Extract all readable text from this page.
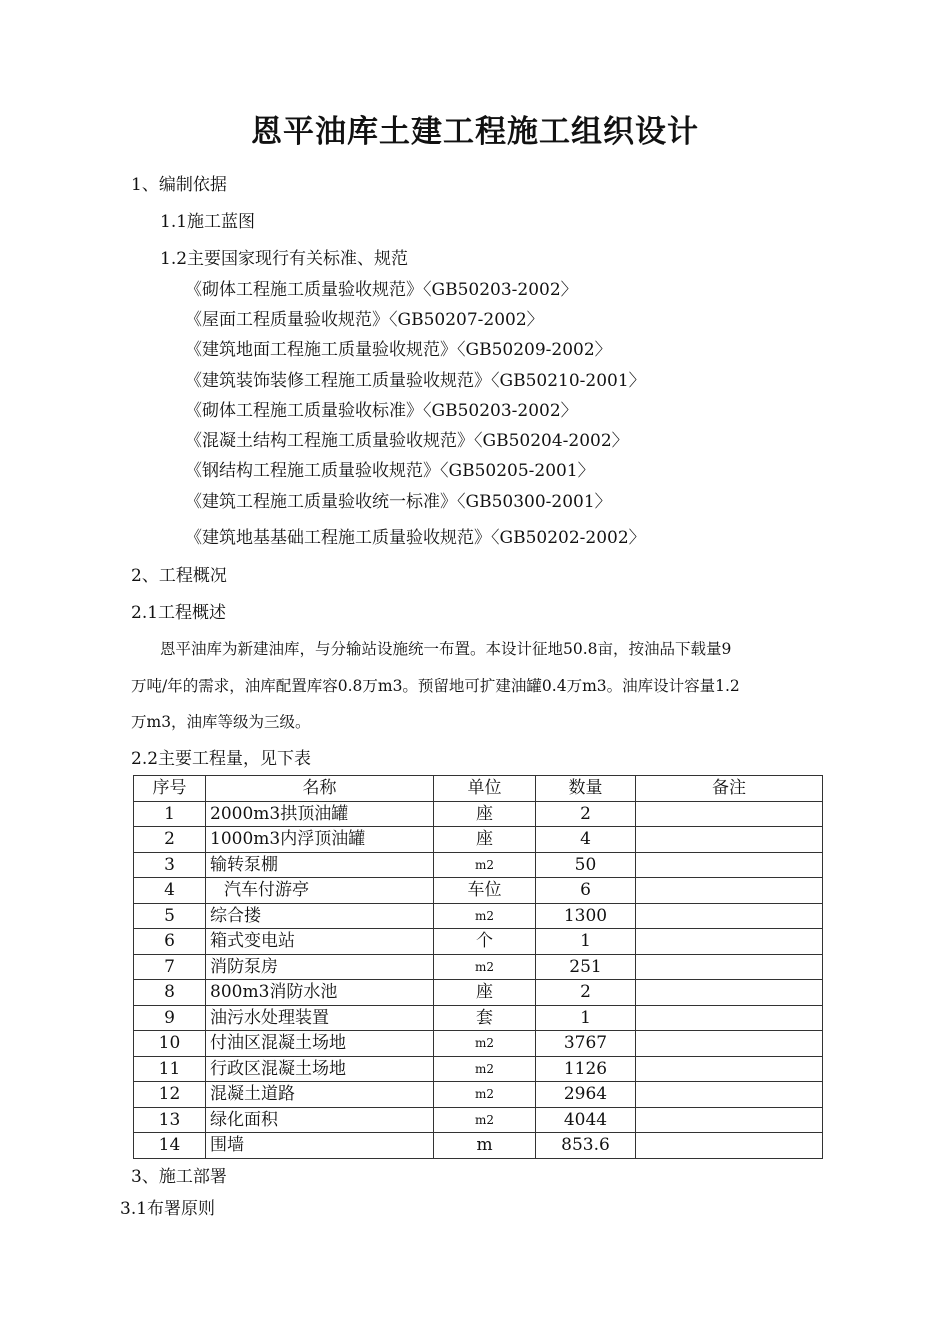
恩平油库土建工程施工组织设计
1、编制依据
1.1施工蓝图
1.2主要国家现行有关标准、规范
《砌体工程施工质量验收规范》〈GB50203-2002〉
《屋面工程质量验收规范》〈GB50207-2002〉
《建筑地面工程施工质量验收规范》〈GB50209-2002〉
《建筑装饰装修工程施工质量验收规范》〈GB50210-2001〉
《砌体工程施工质量验收标准》〈GB50203-2002〉
《混凝土结构工程施工质量验收规范》〈GB50204-2002〉
《钢结构工程施工质量验收规范》〈GB50205-2001〉
《建筑工程施工质量验收统一标准》〈GB50300-2001〉
《建筑地基基础工程施工质量验收规范》〈GB50202-2002〉
2、工程概况
2.1工程概述
恩平油库为新建油库，与分输站设施统一布置。本设计征地50.8亩，按油品下载量9
万吨/年的需求，油库配置库容0.8万m3。预留地可扩建油罐0.4万m3。油库设计容量1.2
万m3，油库等级为三级。
2.2主要工程量，见下表
序号	名称	单位	数量	备注
1	2000m3拱顶油罐	座	2	
2	1000m3内浮顶油罐	座	4	
3	输转泵棚	m2	50	
4	汽车付游亭	车位	6	
5	综合搂	m2	1300	
6	箱式变电站	个	1	
7	消防泵房	m2	251	
8	800m3消防水池	座	2	
9	油污水处理装置	套	1	
10	付油区混凝土场地	m2	3767	
11	行政区混凝土场地	m2	1126	
12	混凝土道路	m2	2964	
13	绿化面积	m2	4044	
14	围墙	m	853.6	
3、施工部署
3.1布署原则
